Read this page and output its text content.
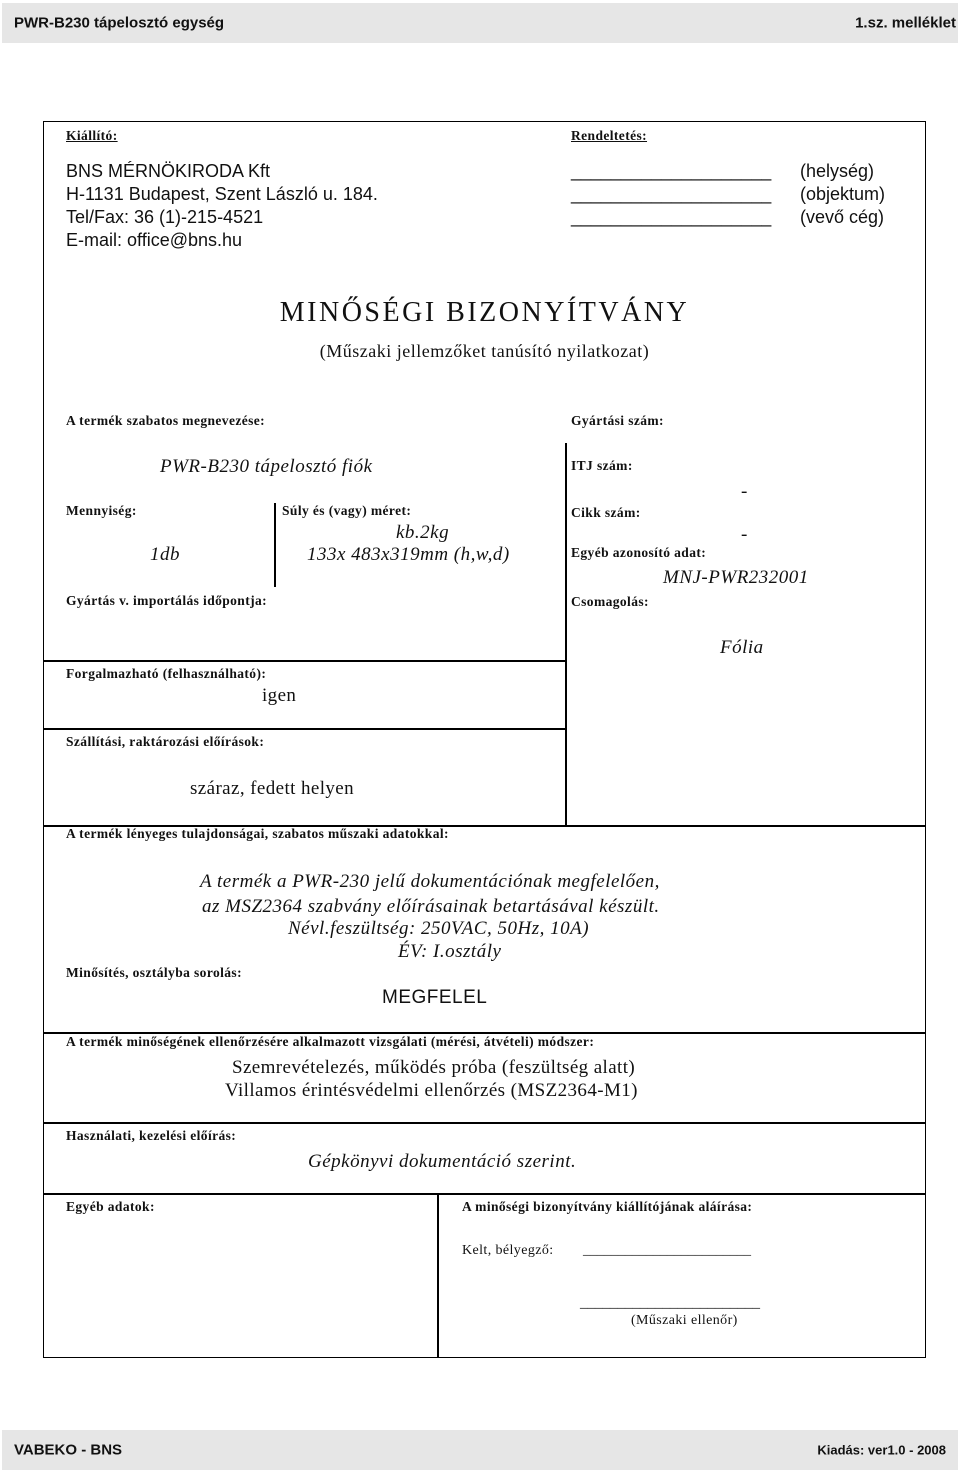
PWR-B230 tápelosztó egység	1.sz. melléklet
Kiállító:
BNS MÉRNÖKIRODA Kft
H-1131 Budapest, Szent László u. 184.
Tel/Fax: 36 (1)-215-4521
E-mail: office@bns.hu
Rendeltetés:
____________________ (helység)
____________________ (objektum)
____________________ (vevő cég)
MINŐSÉGI BIZONYÍTVÁNY
(Műszaki jellemzőket tanúsító nyilatkozat)
A termék szabatos megnevezése:
PWR-B230 tápelosztó fiók
Mennyiség:
1db
Súly és (vagy) méret:
kb.2kg
133x 483x319mm (h,w,d)
Gyártás v. importálás időpontja:
Forgalmazható (felhasználható):
igen
Szállítási, raktározási előírások:
száraz, fedett helyen
Gyártási szám:
ITJ szám:
-
Cikk szám:
-
Egyéb azonosító adat:
MNJ-PWR232001
Csomagolás:
Fólia
A termék lényeges tulajdonságai, szabatos műszaki adatokkal:
A termék a PWR-230 jelű dokumentációnak megfelelően,
az MSZ2364 szabvány előírásainak betartásával készült.
Névl.feszültség: 250VAC, 50Hz, 10A)
ÉV: I.osztály
Minősítés, osztályba sorolás:
MEGFELEL
A termék minőségének ellenőrzésére alkalmazott vizsgálati (mérési, átvételi) módszer:
Szemrevételezés, működés próba (feszültség alatt)
Villamos érintésvédelmi ellenőrzés (MSZ2364-M1)
Használati, kezelési előírás:
Gépkönyvi dokumentáció szerint.
Egyéb adatok:	A minőségi bizonyítvány kiállítójának aláírása:
Kelt, bélyegző: ________________________
________________________
(Műszaki ellenőr)
VABEKO - BNS	Kiadás: ver1.0 - 2008
